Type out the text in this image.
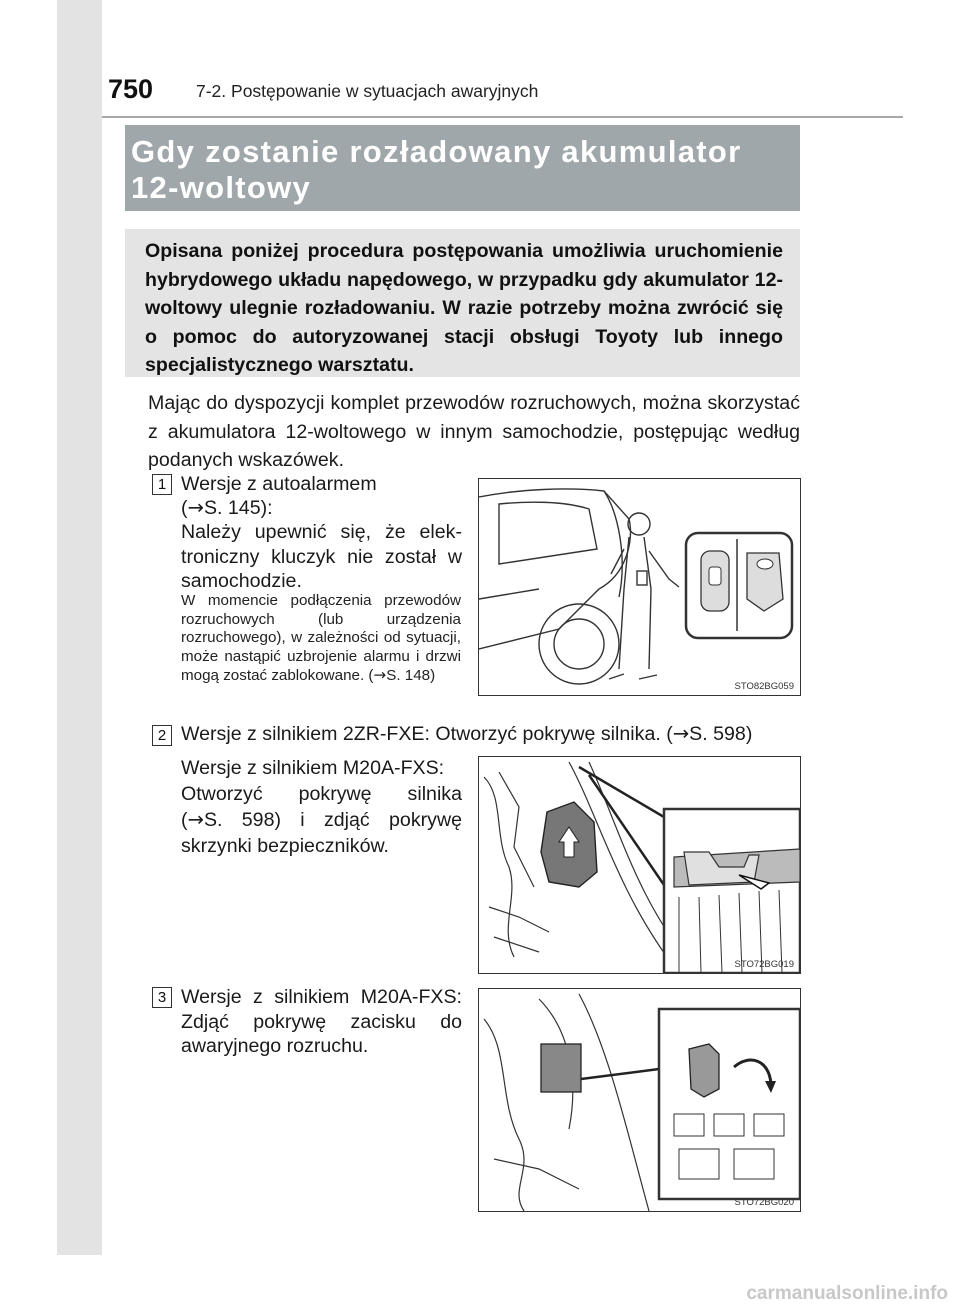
750 7-2. Postępowanie w sytuacjach awaryjnych
Gdy zostanie rozładowany akumulator 12-woltowy
Opisana poniżej procedura postępowania umożliwia uruchomienie hybrydowego układu napędowego, w przypadku gdy akumulator 12-woltowy ulegnie rozładowaniu. W razie potrzeby można zwrócić się o pomoc do autoryzowanej stacji obsługi Toyoty lub innego specjalistycznego warsztatu.
Mając do dyspozycji komplet przewodów rozruchowych, można skorzystać z akumulatora 12-woltowego w innym samochodzie, postępując według podanych wskazówek.
1 Wersje z autoalarmem
(→S. 145):
Należy upewnić się, że elektroniczny kluczyk nie został w samochodzie.
W momencie podłączenia przewodów rozruchowych (lub urządzenia rozruchowego), w zależności od sytuacji, może nastąpić uzbrojenie alarmu i drzwi mogą zostać zablokowane. (→S. 148)
STO82BG059
2 Wersje z silnikiem 2ZR-FXE: Otworzyć pokrywę silnika. (→S. 598)
Wersje z silnikiem M20A-FXS:
Otworzyć pokrywę silnika
(→S. 598) i zdjąć pokrywę
skrzynki bezpieczników.
STO72BG019
3 Wersje z silnikiem M20A-FXS: Zdjąć pokrywę zacisku do awaryjnego rozruchu.
STO72BG020
carmanualsonline.info
